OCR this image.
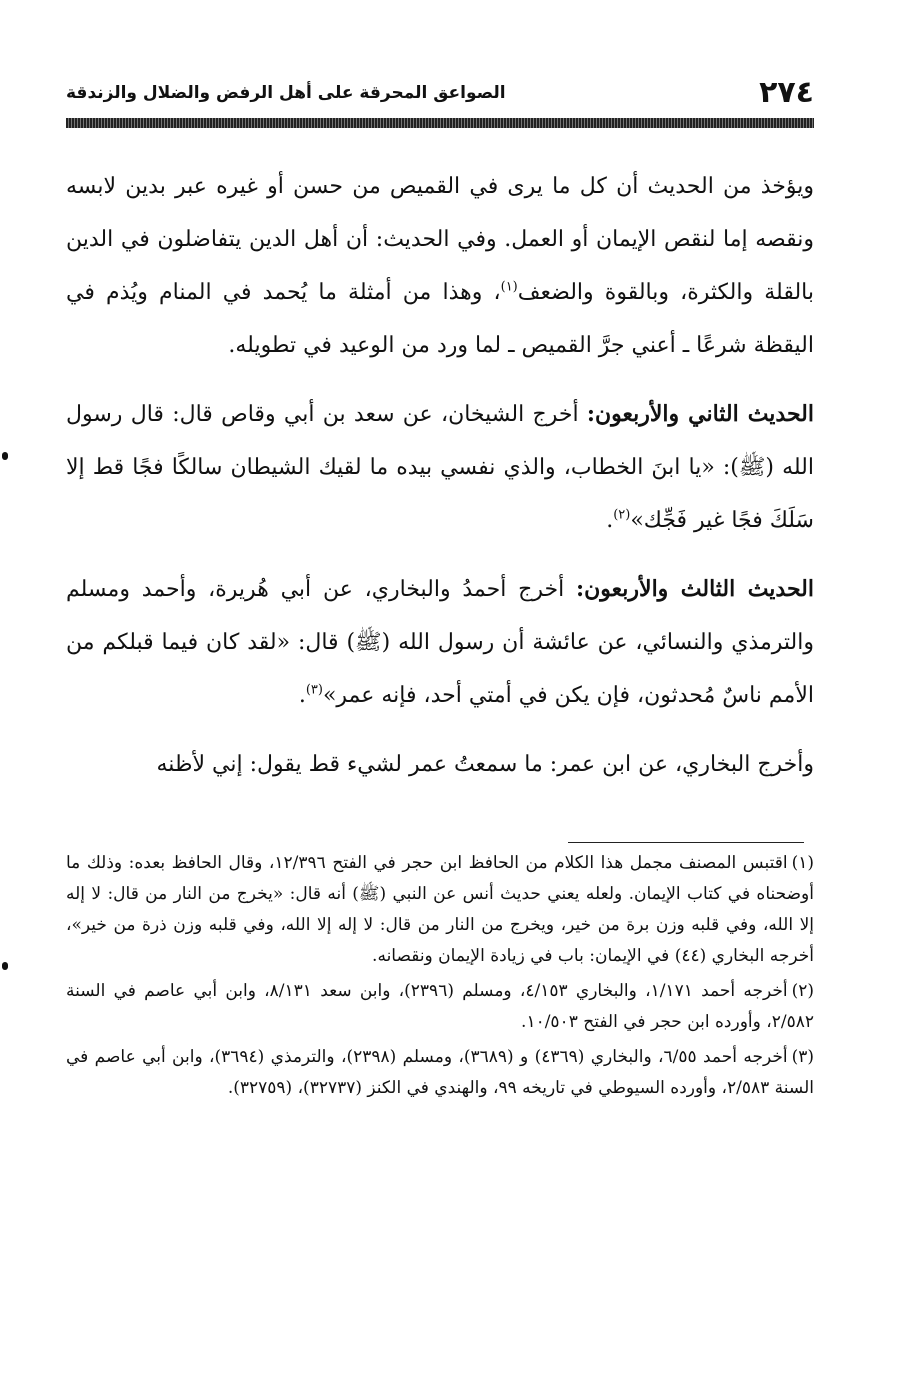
٢٧٤
الصواعق المحرقة على أهل الرفض والضلال والزندقة

ويؤخذ من الحديث أن كل ما يرى في القميص من حسن أو غيره عبر بدين لابسه ونقصه إما لنقص الإيمان أو العمل. وفي الحديث: أن أهل الدين يتفاضلون في الدين بالقلة والكثرة، وبالقوة والضعف$^{(١)}$، وهذا من أمثلة ما يُحمد في المنام ويُذم في اليقظة شرعًا ـ أعني جرَّ القميص ـ لما ورد من الوعيد في تطويله.

الحديث الثاني والأربعون: أخرج الشيخان، عن سعد بن أبي وقاص قال: قال رسول الله (ﷺ): «يا ابنَ الخطاب، والذي نفسي بيده ما لقيك الشيطان سالكًا فجًا قط إلا سَلَكَ فجًا غير فَجِّك»$^{(٢)}$.

الحديث الثالث والأربعون: أخرج أحمدُ والبخاري، عن أبي هُريرة، وأحمد ومسلم والترمذي والنسائي، عن عائشة أن رسول الله (ﷺ) قال: «لقد كان فيما قبلكم من الأمم ناسٌ مُحدثون، فإن يكن في أمتي أحد، فإنه عمر»$^{(٣)}$.

وأخرج البخاري، عن ابن عمر: ما سمعتُ عمر لشيء قط يقول: إني لأظنه

(١)اقتبس المصنف مجمل هذا الكلام من الحافظ ابن حجر في الفتح ١٢/٣٩٦، وقال الحافظ بعده: وذلك ما أوضحناه في كتاب الإيمان. ولعله يعني حديث أنس عن النبي (ﷺ) أنه قال: «يخرج من النار من قال: لا إله إلا الله، وفي قلبه وزن برة من خير، ويخرج من النار من قال: لا إله إلا الله، وفي قلبه وزن ذرة من خير»، أخرجه البخاري (٤٤) في الإيمان: باب في زيادة الإيمان ونقصانه.

(٢)أخرجه أحمد ١/١٧١، والبخاري ٤/١٥٣، ومسلم (٢٣٩٦)، وابن سعد ٨/١٣١، وابن أبي عاصم في السنة ٢/٥٨٢، وأورده ابن حجر في الفتح ١٠/٥٠٣.

(٣)أخرجه أحمد ٦/٥٥، والبخاري (٤٣٦٩) و (٣٦٨٩)، ومسلم (٢٣٩٨)، والترمذي (٣٦٩٤)، وابن أبي عاصم في السنة ٢/٥٨٣، وأورده السيوطي في تاريخه ٩٩، والهندي في الكنز (٣٢٧٣٧)، (٣٢٧٥٩).
